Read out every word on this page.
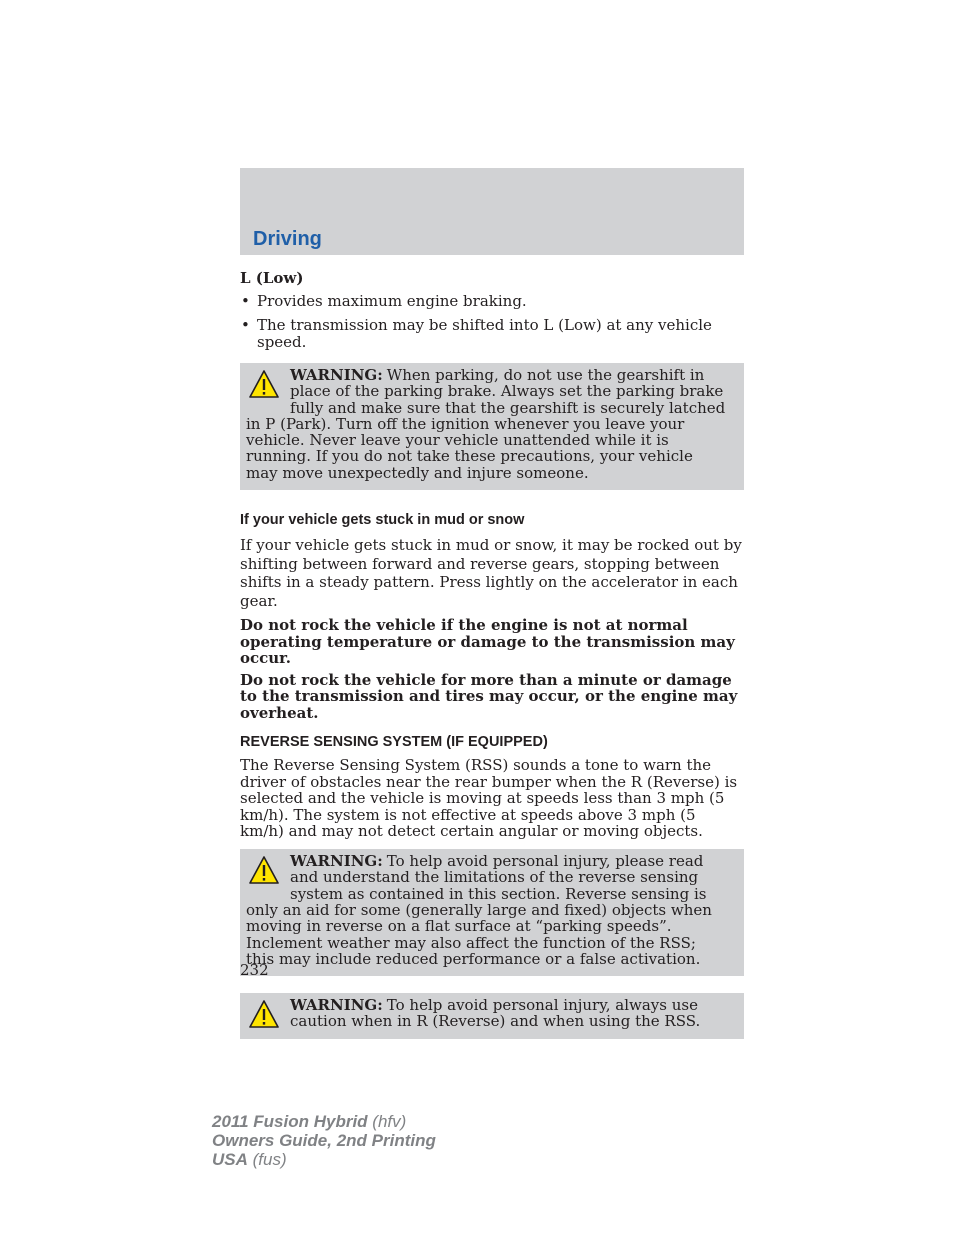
Driving
L (Low)
• Provides maximum engine braking.
• The transmission may be shifted into L (Low) at any vehicle speed.
WARNING: When parking, do not use the gearshift in place of the parking brake. Always set the parking brake fully and make sure that the gearshift is securely latched in P (Park). Turn off the ignition whenever you leave your vehicle. Never leave your vehicle unattended while it is running. If you do not take these precautions, your vehicle may move unexpectedly and injure someone.
If your vehicle gets stuck in mud or snow

If your vehicle gets stuck in mud or snow, it may be rocked out by shifting between forward and reverse gears, stopping between shifts in a steady pattern. Press lightly on the accelerator in each gear.

Do not rock the vehicle if the engine is not at normal operating temperature or damage to the transmission may occur.

Do not rock the vehicle for more than a minute or damage to the transmission and tires may occur, or the engine may overheat.

REVERSE SENSING SYSTEM (IF EQUIPPED)

The Reverse Sensing System (RSS) sounds a tone to warn the driver of obstacles near the rear bumper when the R (Reverse) is selected and the vehicle is moving at speeds less than 3 mph (5 km/h). The system is not effective at speeds above 3 mph (5 km/h) and may not detect certain angular or moving objects.

WARNING: To help avoid personal injury, please read and understand the limitations of the reverse sensing system as contained in this section. Reverse sensing is only an aid for some (generally large and fixed) objects when moving in reverse on a flat surface at “parking speeds”. Inclement weather may also affect the function of the RSS; this may include reduced performance or a false activation.
WARNING: To help avoid personal injury, always use caution when in R (Reverse) and when using the RSS.
232
2011 Fusion Hybrid (hfv)
Owners Guide, 2nd Printing
USA (fus)
